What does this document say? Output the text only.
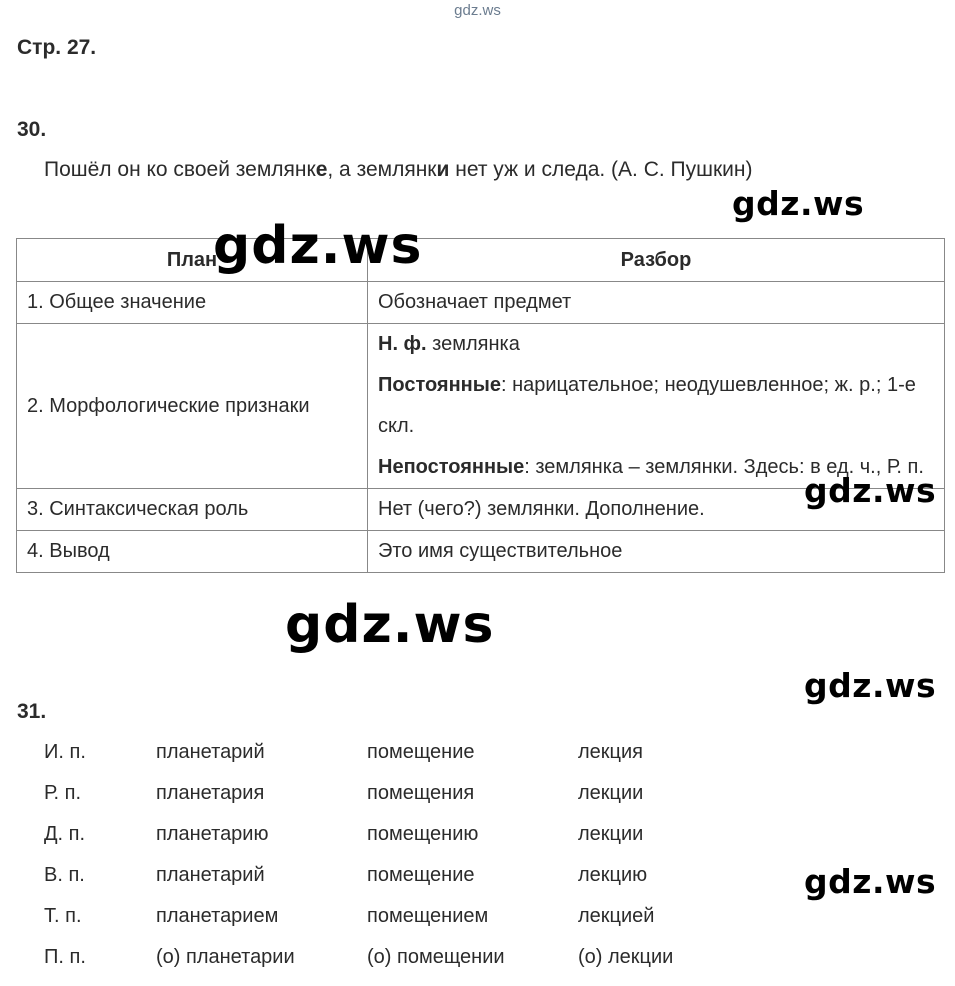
gdz.ws
Стр. 27.
30.
Пошёл он ко своей землянке, а землянки нет уж и следа. (А. С. Пушкин)
План	Разбор
1. Общее значение	Обозначает предмет
2. Морфологические признаки	Н. ф. землянка
Постоянные: нарицательное; неодушевленное; ж. р.; 1-е скл.
Непостоянные: землянка – землянки. Здесь: в ед. ч., Р. п.

3. Синтаксическая роль	Нет (чего?) землянки. Дополнение.
4. Вывод	Это имя существительное
31.
И. п.	планетарий	помещение	лекция
Р. п.	планетария	помещения	лекции
Д. п.	планетарию	помещению	лекции
В. п.	планетарий	помещение	лекцию
Т. п.	планетарием	помещением	лекцией
П. п.	(о) планетарии	(о) помещении	(о) лекции
gdz.ws
gdz.ws
gdz.ws
gdz.ws
gdz.ws
gdz.ws
